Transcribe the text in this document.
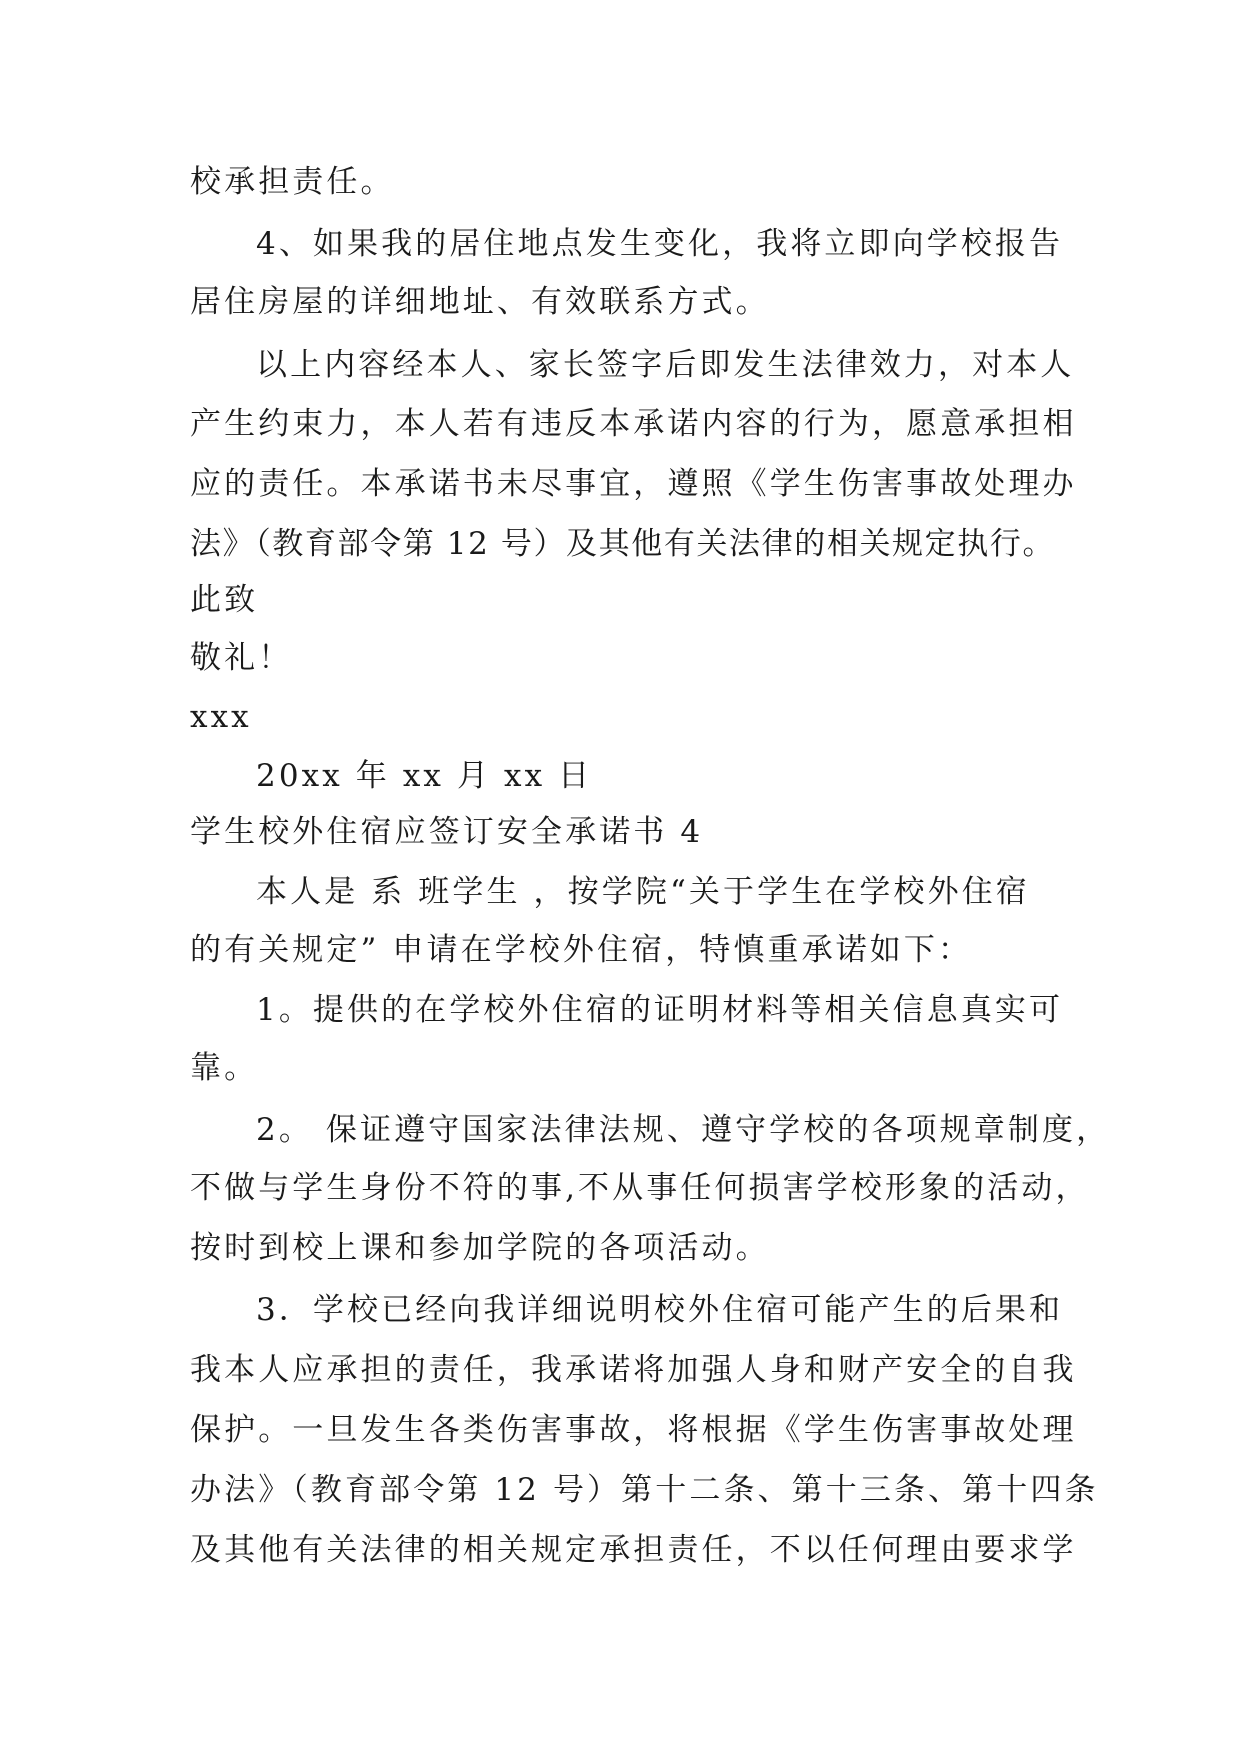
校承担责任。

4、如果我的居住地点发生变化，我将立即向学校报告

居住房屋的详细地址、有效联系方式。

以上内容经本人、家长签字后即发生法律效力，对本人

产生约束力，本人若有违反本承诺内容的行为，愿意承担相

应的责任。本承诺书未尽事宜，遵照《学生伤害事故处理办

法》（教育部令第 12 号）及其他有关法律的相关规定执行。

此致

敬礼！

xxx

20xx 年 xx 月 xx 日

学生校外住宿应签订安全承诺书 4

本人是 系 班学生 ，按学院“关于学生在学校外住宿

的有关规定” 申请在学校外住宿，特慎重承诺如下：

1。提供的在学校外住宿的证明材料等相关信息真实可

靠。

2。 保证遵守国家法律法规、遵守学校的各项规章制度，

不做与学生身份不符的事,不从事任何损害学校形象的活动，

按时到校上课和参加学院的各项活动。

3．学校已经向我详细说明校外住宿可能产生的后果和

我本人应承担的责任，我承诺将加强人身和财产安全的自我

保护。一旦发生各类伤害事故，将根据《学生伤害事故处理

办法》（教育部令第 12 号）第十二条、第十三条、第十四条

及其他有关法律的相关规定承担责任，不以任何理由要求学
